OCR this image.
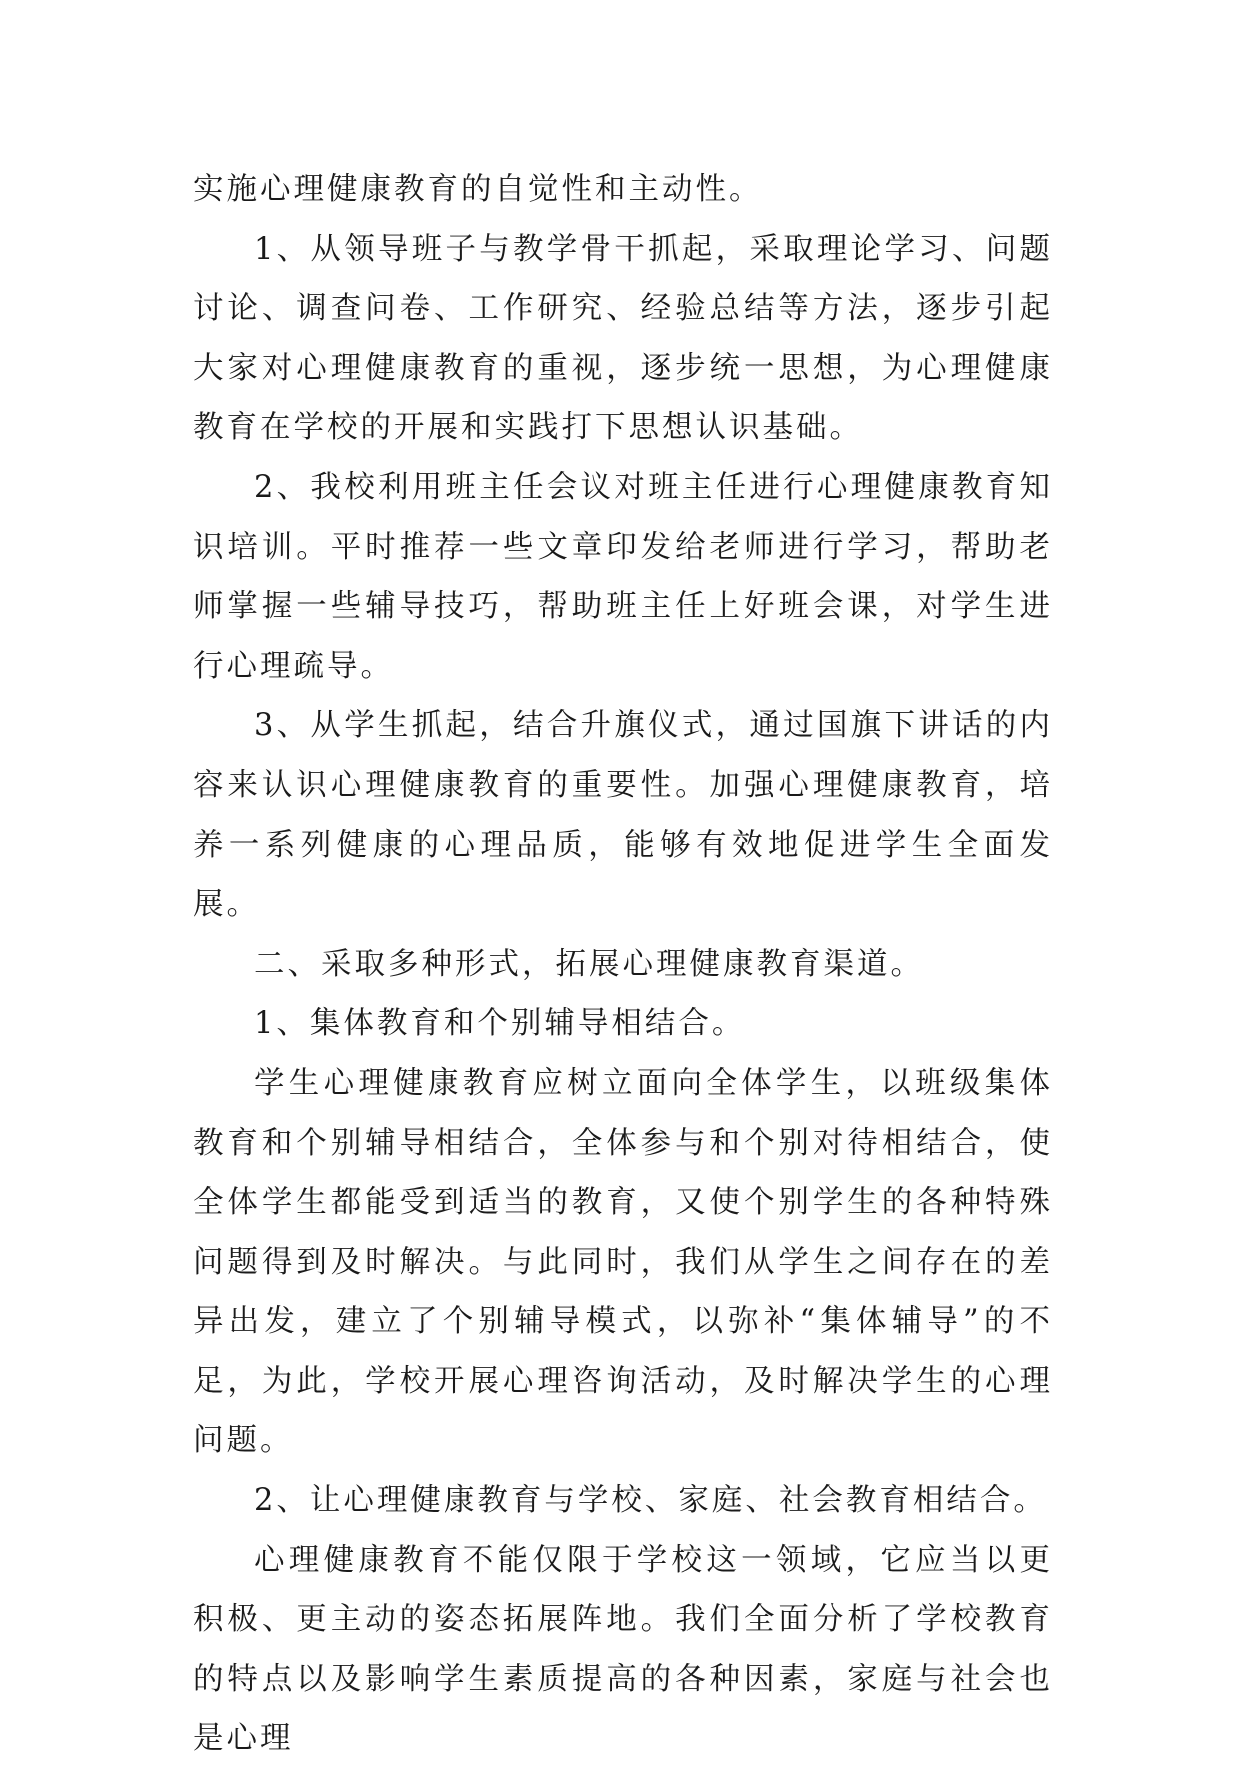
实施心理健康教育的自觉性和主动性。

1、从领导班子与教学骨干抓起，采取理论学习、问题讨论、调查问卷、工作研究、经验总结等方法，逐步引起大家对心理健康教育的重视，逐步统一思想，为心理健康教育在学校的开展和实践打下思想认识基础。

2、我校利用班主任会议对班主任进行心理健康教育知识培训。平时推荐一些文章印发给老师进行学习，帮助老师掌握一些辅导技巧，帮助班主任上好班会课，对学生进行心理疏导。

3、从学生抓起，结合升旗仪式，通过国旗下讲话的内容来认识心理健康教育的重要性。加强心理健康教育，培养一系列健康的心理品质，能够有效地促进学生全面发展。

二、采取多种形式，拓展心理健康教育渠道。

1、集体教育和个别辅导相结合。

学生心理健康教育应树立面向全体学生，以班级集体教育和个别辅导相结合，全体参与和个别对待相结合，使全体学生都能受到适当的教育，又使个别学生的各种特殊问题得到及时解决。与此同时，我们从学生之间存在的差异出发，建立了个别辅导模式，以弥补“集体辅导”的不足，为此，学校开展心理咨询活动，及时解决学生的心理问题。

2、让心理健康教育与学校、家庭、社会教育相结合。

心理健康教育不能仅限于学校这一领域，它应当以更积极、更主动的姿态拓展阵地。我们全面分析了学校教育的特点以及影响学生素质提高的各种因素，家庭与社会也是心理
